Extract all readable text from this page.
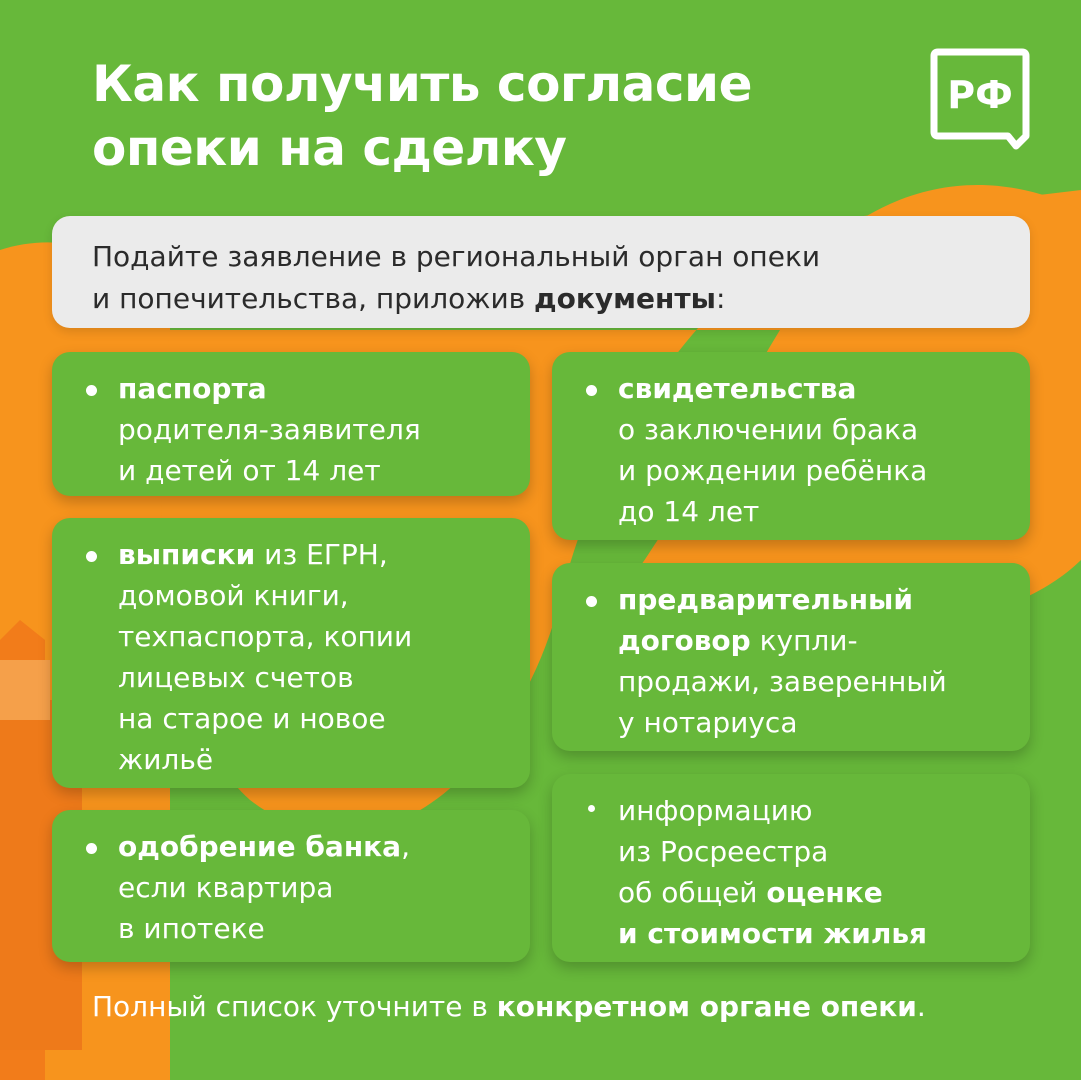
Как получить согласие
опеки на сделку
РФ

Подайте заявление в региональный орган опеки

и попечительства, приложив документы:

паспорта
родителя-заявителя
и детей от 14 лет

выписки из ЕГРН,
домовой книги,
техпаспорта, копии
лицевых счетов
на старое и новое
жильё

одобрение банка,
если квартира
в ипотеке

свидетельства
о заключении брака
и рождении ребёнка
до 14 лет

предварительный
договор купли-
продажи, заверенный
у нотариуса

информацию
из Росреестра
об общей оценке
и стоимости жилья

Полный список уточните в конкретном органе опеки.
